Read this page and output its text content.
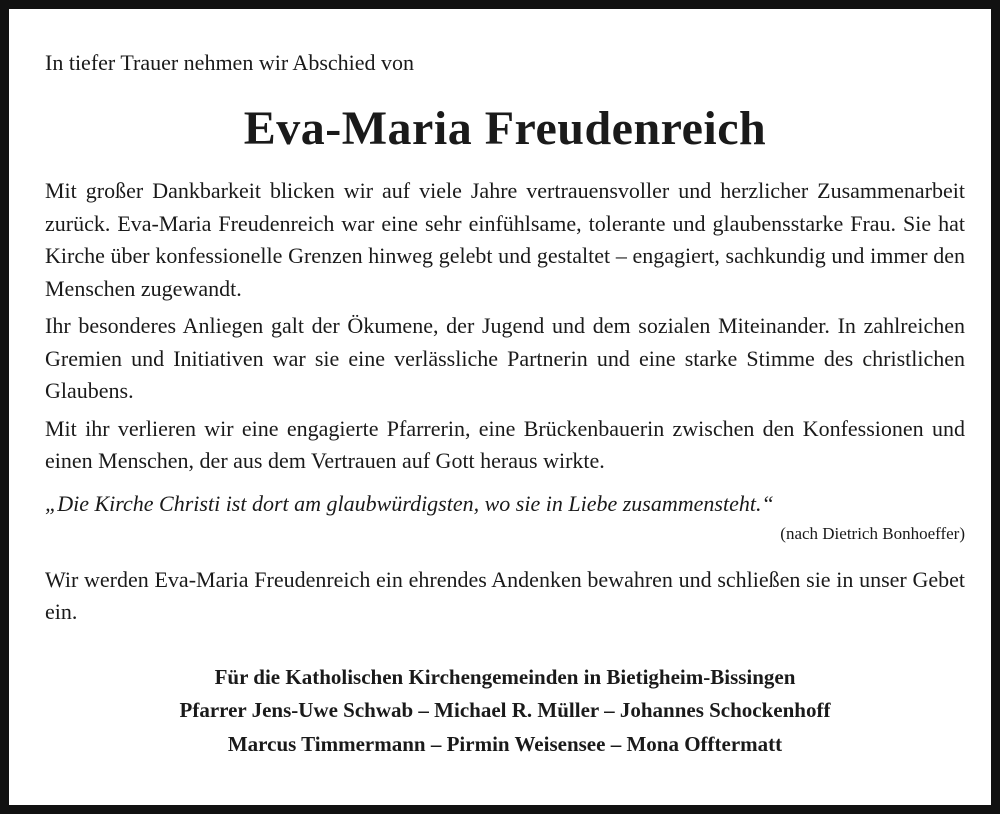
In tiefer Trauer nehmen wir Abschied von

Eva-Maria Freudenreich

Mit großer Dankbarkeit blicken wir auf viele Jahre vertrauensvoller und herzlicher Zusammenarbeit zurück. Eva-Maria Freudenreich war eine sehr einfühlsame, tolerante und glaubensstarke Frau. Sie hat Kirche über konfessionelle Grenzen hinweg gelebt und gestaltet – engagiert, sachkundig und immer den Menschen zugewandt.

Ihr besonderes Anliegen galt der Ökumene, der Jugend und dem sozialen Miteinander. In zahlreichen Gremien und Initiativen war sie eine verlässliche Partnerin und eine starke Stimme des christlichen Glaubens.

Mit ihr verlieren wir eine engagierte Pfarrerin, eine Brückenbauerin zwischen den Konfessionen und einen Menschen, der aus dem Vertrauen auf Gott heraus wirkte.

„Die Kirche Christi ist dort am glaubwürdigsten, wo sie in Liebe zusammensteht.“

(nach Dietrich Bonhoeffer)

Wir werden Eva-Maria Freudenreich ein ehrendes Andenken bewahren und schließen sie in unser Gebet ein.

Für die Katholischen Kirchengemeinden in Bietigheim-Bissingen
Pfarrer Jens-Uwe Schwab – Michael R. Müller – Johannes Schockenhoff
Marcus Timmermann – Pirmin Weisensee – Mona Offtermatt
